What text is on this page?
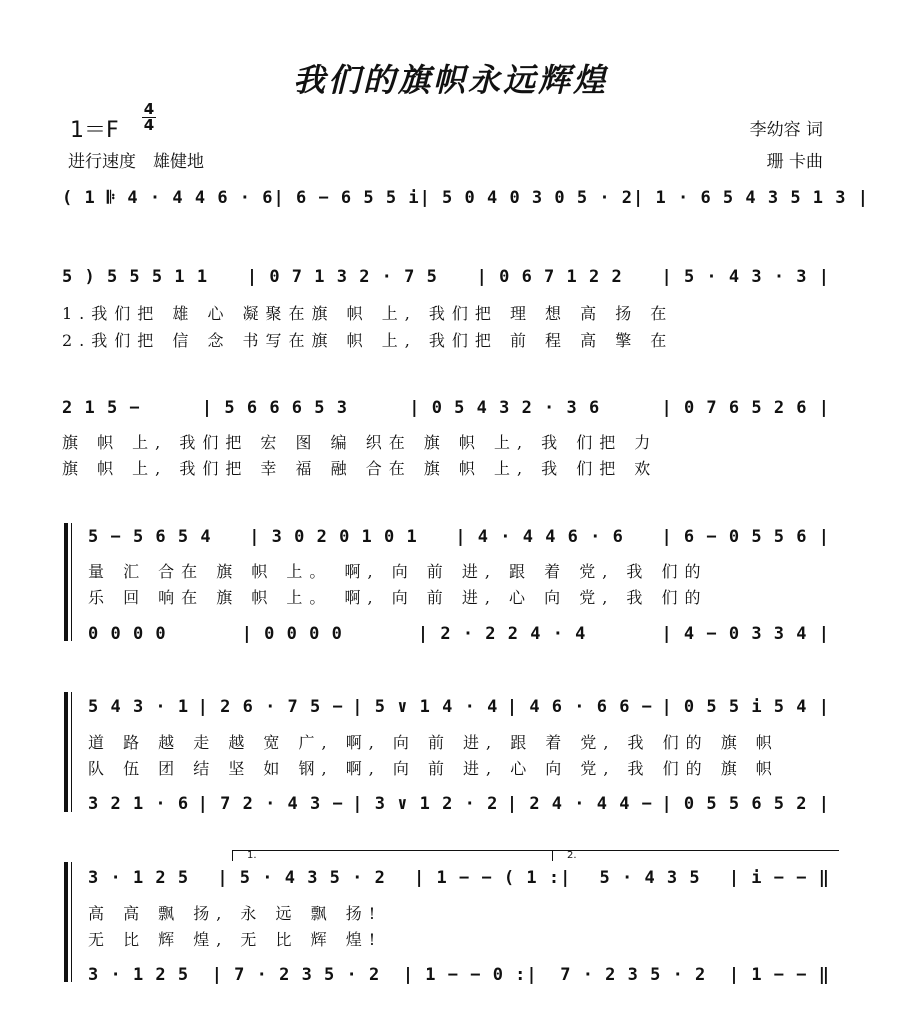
我们的旗帜永远辉煌
1＝F
4
4
进行速度　雄健地
李幼容 词
珊 卡曲
( 1 𝄆 4 · 4 4 6 · 6 | 6 − 6 5 5 i | 5 0 4 0 3 0 5 · 2 | 1 · 6 5 4 3 5 1 3 |
5 ) 5 5 5 1 1 | 0 7 1 3 2 · 7 5 | 0 6 7 1 2 2 | 5 · 4 3 · 3 |
1.我们把 雄 心 凝聚在旗 帜 上, 我们把 理 想 高 扬 在
2.我们把 信 念 书写在旗 帜 上, 我们把 前 程 高 擎 在
2 1 5 −	| 5 6 6 6 5 3	| 0 5 4 3 2 · 3 6	| 0 7 6 5 2 6 |
旗 帜 上, 我们把 宏 图 编 织在 旗 帜 上, 我 们把 力
旗 帜 上, 我们把 幸 福 融 合在 旗 帜 上, 我 们把 欢
5 − 5 6 5 4 | 3 0 2 0 1 0 1 | 4 · 4 4 6 · 6 | 6 − 0 5 5 6 |
量 汇 合在 旗 帜 上。 啊, 向 前 进, 跟 着 党, 我 们的
乐 回 响在 旗 帜 上。 啊, 向 前 进, 心 向 党, 我 们的
0 0 0 0	| 0 0 0 0	| 2 · 2 2 4 · 4	| 4 − 0 3 3 4 |
5 4 3 · 1 | 2 6 · 7 5 − | 5 ∨ 1 4 · 4 | 4 6 · 6 6 − | 0 5 5 i 5 4 |
道 路 越 走 越 宽 广, 啊, 向 前 进, 跟 着 党, 我 们的 旗 帜
队 伍 团 结 坚 如 钢, 啊, 向 前 进, 心 向 党, 我 们的 旗 帜
3 2 1 · 6 | 7 2 · 4 3 − | 3 ∨ 1 2 · 2 | 2 4 · 4 4 − | 0 5 5 6 5 2 |
1.	2.
3 · 1 2 5 | 5 · 4 3 5 · 2 | 1 − − ( 1 :| 5 · 4 3 5 | i − − ‖
高 高 飘 扬, 永 远 飘 扬!
无 比 辉 煌, 无 比 辉 煌!
3 · 1 2 5 | 7 · 2 3 5 · 2 | 1 − − 0 :| 7 · 2 3 5 · 2 | 1 − − ‖
